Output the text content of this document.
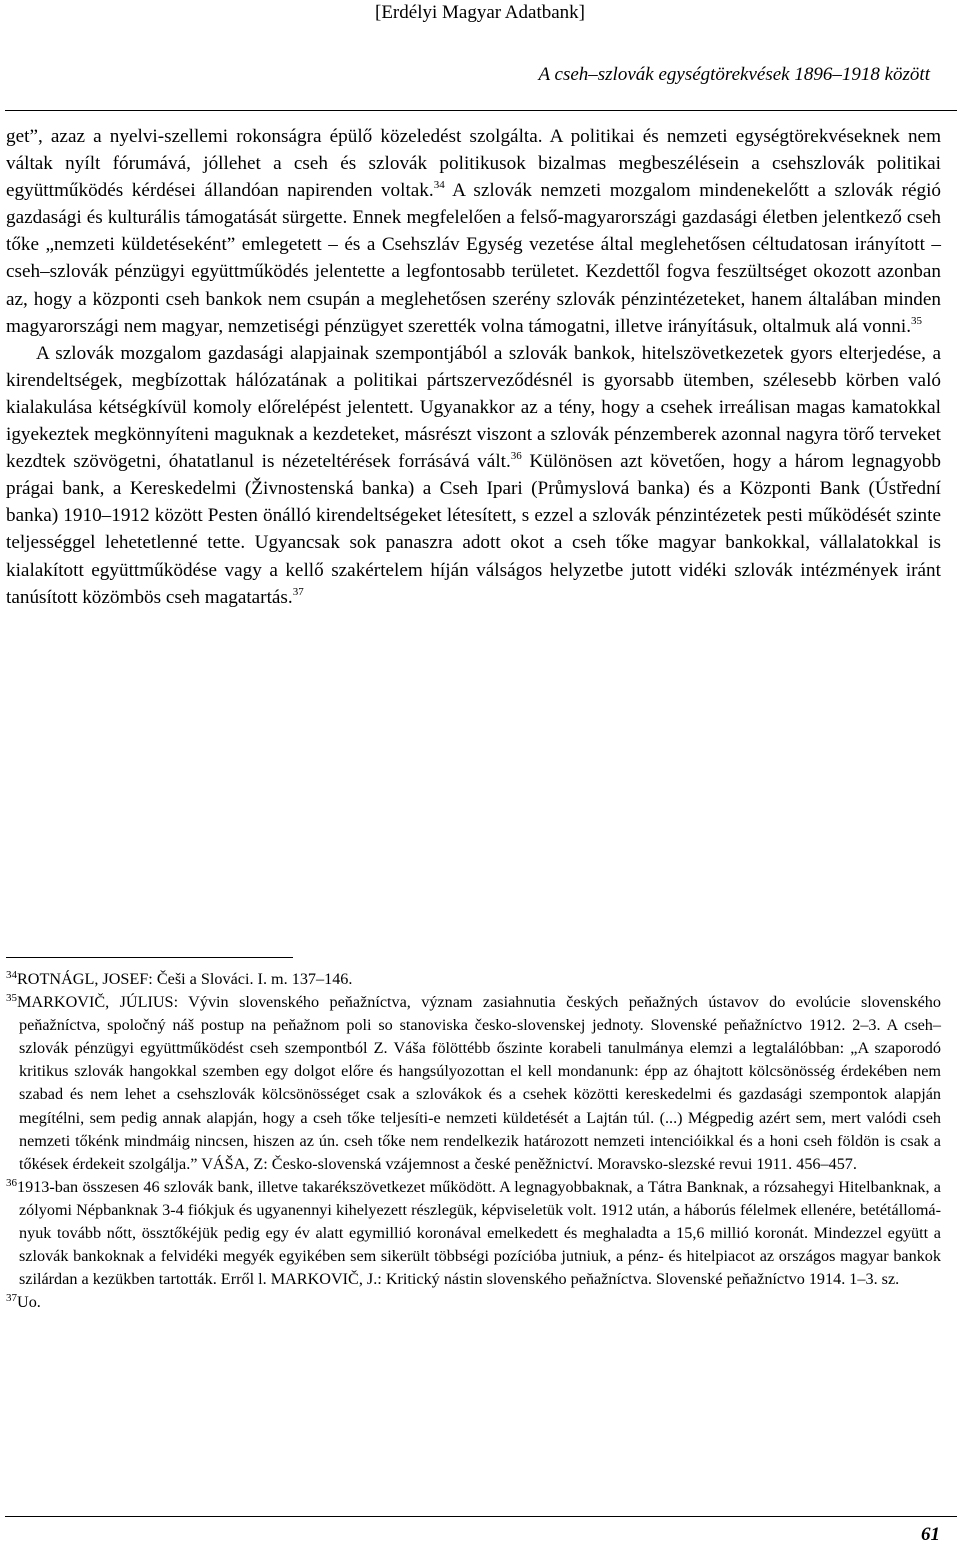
[Erdélyi Magyar Adatbank]
A cseh–szlovák egységtörekvések 1896–1918 között

get”, azaz a nyelvi-szellemi rokonságra épülő közeledést szolgálta. A politikai és nemzeti egységtörekvéseknek nem váltak nyílt fórumává, jóllehet a cseh és szlovák politikusok bizalmas megbeszélésein a csehszlovák politikai együttműködés kérdései állandóan napirenden voltak.$^{34}$ A szlovák nemzeti mozgalom mindenekelőtt a szlovák régió gazdasági és kulturális támogatását sürgette. Ennek megfelelően a felső-magyarországi gazdasági életben jelentkező cseh tőke „nemzeti küldetéseként” emlegetett – és a Csehszláv Egység vezetése által meglehetősen céltudatosan irányított – cseh–szlovák pénzügyi együttműködés jelentette a legfontosabb területet. Kezdettől fogva feszültséget okozott azonban az, hogy a központi cseh bankok nem csupán a meglehetősen szerény szlovák pénzintézeteket, hanem általában minden magyarországi nem magyar, nemzetiségi pénzügyet szerették volna támogatni, illetve irányításuk, oltalmuk alá vonni.$^{35}$

A szlovák mozgalom gazdasági alapjainak szempontjából a szlovák bankok, hitelszövetkezetek gyors elterjedése, a kirendeltségek, megbízottak hálózatának a politikai pártszerveződésnél is gyorsabb ütemben, szélesebb körben való kialakulása kétségkívül komoly előrelépést jelentett. Ugyanakkor az a tény, hogy a csehek irreálisan magas kamatokkal igyekeztek megkönnyíteni maguknak a kezdeteket, másrészt viszont a szlovák pénzemberek azonnal nagyra törő terveket kezdtek szövögetni, óhatatlanul is nézeteltérések forrásává vált.$^{36}$ Különösen azt követően, hogy a három legnagyobb prágai bank, a Kereskedelmi (Živnostenská banka) a Cseh Ipari (Průmyslová banka) és a Központi Bank (Ústřední banka) 1910–1912 között Pesten önálló kirendeltségeket létesített, s ezzel a szlovák pénzintézetek pesti működését szinte teljességgel lehetetlenné tette. Ugyancsak sok panaszra adott okot a cseh tőke magyar bankokkal, vállalatokkal is kialakított együttműködése vagy a kellő szakértelem híján válságos helyzetbe jutott vidéki szlovák intézmények iránt tanúsított közömbös cseh magatartás.$^{37}$

$^{34}$ROTNÁGL, JOSEF: Češi a Slováci. I. m. 137–146.

$^{35}$MARKOVIČ, JÚLIUS: Vývin slovenského peňažníctva, význam zasiahnutia českých peňažných ústavov do evolúcie slovenského peňažníctva, spoločný náš postup na peňažnom poli so stanoviska česko-slovenskej jednoty. Slovenské peňažníctvo 1912. 2–3. A cseh–szlovák pénzügyi együttműködést cseh szempontból Z. Váša fölöttébb őszinte korabeli tanulmánya elemzi a legtalálóbban: „A szaporodó kritikus szlovák hangokkal szemben egy dolgot előre és hangsúlyozottan el kell mondanunk: épp az óhajtott kölcsönösség érdekében nem szabad és nem lehet a csehszlovák kölcsönösséget csak a szlovákok és a csehek közötti kereskedelmi és gazdasági szempontok alapján megítélni, sem pedig annak alapján, hogy a cseh tőke teljesíti-e nemzeti küldetését a Lajtán túl. (...) Mégpedig azért sem, mert valódi cseh nemzeti tőkénk mindmáig nincsen, hiszen az ún. cseh tőke nem rendelkezik határozott nemzeti intencióikkal és a honi cseh földön is csak a tőkések érdekeit szolgálja.” VÁŠA, Z: Česko-slovenská vzájemnost a české peněžnictví. Moravsko-slezské revui 1911. 456–457.

$^{36}$1913-ban összesen 46 szlovák bank, illetve takarékszövetkezet működött. A legnagyobbaknak, a Tátra Banknak, a rózsahegyi Hitelbanknak, a zólyomi Népbanknak 3-4 fiókjuk és ugyanennyi kihelyezett részlegük, képviseletük volt. 1912 után, a háborús félelmek ellenére, betétállományuk tovább nőtt, össztőkéjük pedig egy év alatt egymillió koronával emelkedett és meghaladta a 15,6 millió koronát. Mindezzel együtt a szlovák bankoknak a felvidéki megyék egyikében sem sikerült többségi pozícióba jutniuk, a pénz- és hitelpiacot az országos magyar bankok szilárdan a kezükben tartották. Erről l. MARKOVIČ, J.: Kritický nástin slovenského peňažníctva. Slovenské peňažníctvo 1914. 1–3. sz.

$^{37}$Uo.

61
